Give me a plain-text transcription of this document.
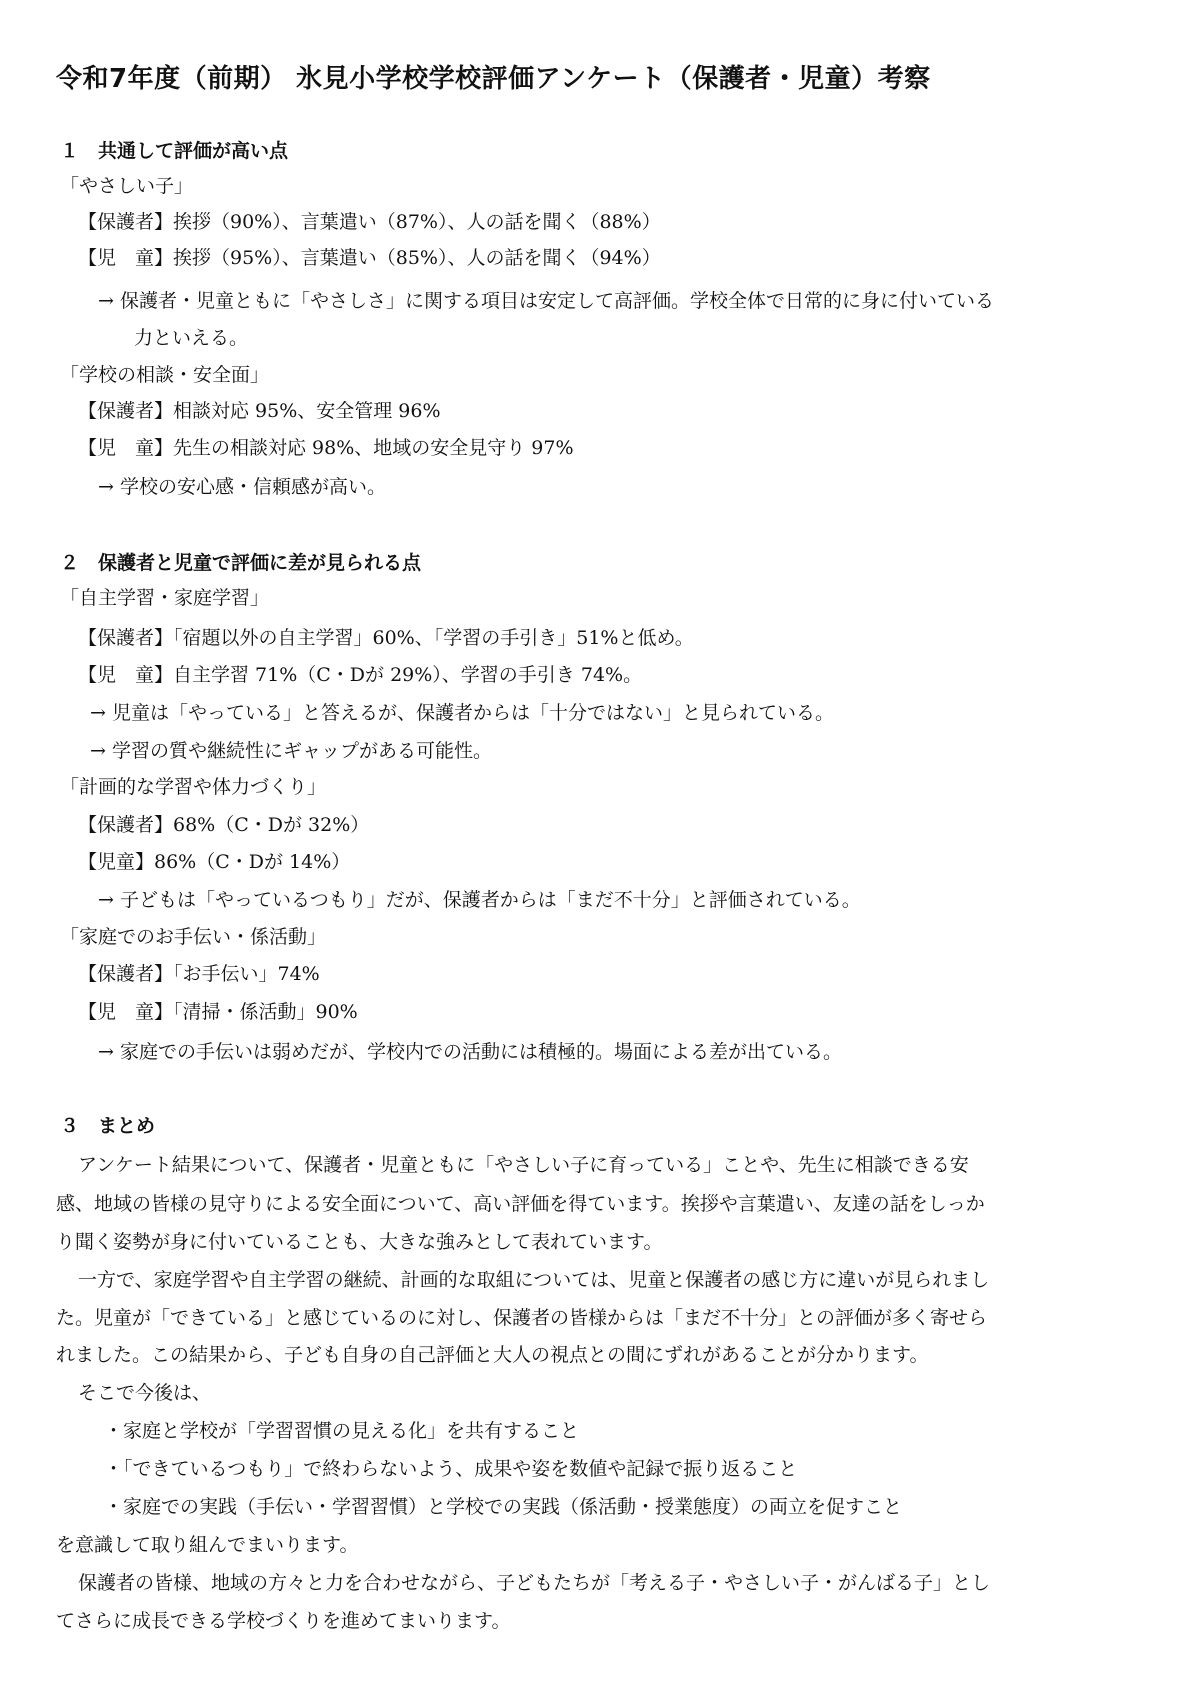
令和7年度（前期） 氷見小学校学校評価アンケート（保護者・児童）考察
１　共通して評価が高い点
「やさしい子」
【保護者】挨拶（90%）、言葉遣い（87%）、人の話を聞く（88%）
【児　童】挨拶（95%）、言葉遣い（85%）、人の話を聞く（94%）
→ 保護者・児童ともに「やさしさ」に関する項目は安定して高評価。学校全体で日常的に身に付いている
力といえる。
「学校の相談・安全面」
【保護者】相談対応 95%、安全管理 96%
【児　童】先生の相談対応 98%、地域の安全見守り 97%
→ 学校の安心感・信頼感が高い。
２　保護者と児童で評価に差が見られる点
「自主学習・家庭学習」
【保護者】「宿題以外の自主学習」60%、「学習の手引き」51%と低め。
【児　童】自主学習 71%（C・Dが 29%）、学習の手引き 74%。
→ 児童は「やっている」と答えるが、保護者からは「十分ではない」と見られている。
→ 学習の質や継続性にギャップがある可能性。
「計画的な学習や体力づくり」
【保護者】68%（C・Dが 32%）
【児童】86%（C・Dが 14%）
→ 子どもは「やっているつもり」だが、保護者からは「まだ不十分」と評価されている。
「家庭でのお手伝い・係活動」
【保護者】「お手伝い」74%
【児　童】「清掃・係活動」90%
→ 家庭での手伝いは弱めだが、学校内での活動には積極的。場面による差が出ている。
３　まとめ
アンケート結果について、保護者・児童ともに「やさしい子に育っている」ことや、先生に相談できる安
感、地域の皆様の見守りによる安全面について、高い評価を得ています。挨拶や言葉遣い、友達の話をしっか
り聞く姿勢が身に付いていることも、大きな強みとして表れています。
一方で、家庭学習や自主学習の継続、計画的な取組については、児童と保護者の感じ方に違いが見られまし
た。児童が「できている」と感じているのに対し、保護者の皆様からは「まだ不十分」との評価が多く寄せら
れました。この結果から、子ども自身の自己評価と大人の視点との間にずれがあることが分かります。
そこで今後は、
・家庭と学校が「学習習慣の見える化」を共有すること
・「できているつもり」で終わらないよう、成果や姿を数値や記録で振り返ること
・家庭での実践（手伝い・学習習慣）と学校での実践（係活動・授業態度）の両立を促すこと
を意識して取り組んでまいります。
保護者の皆様、地域の方々と力を合わせながら、子どもたちが「考える子・やさしい子・がんばる子」とし
てさらに成長できる学校づくりを進めてまいります。
